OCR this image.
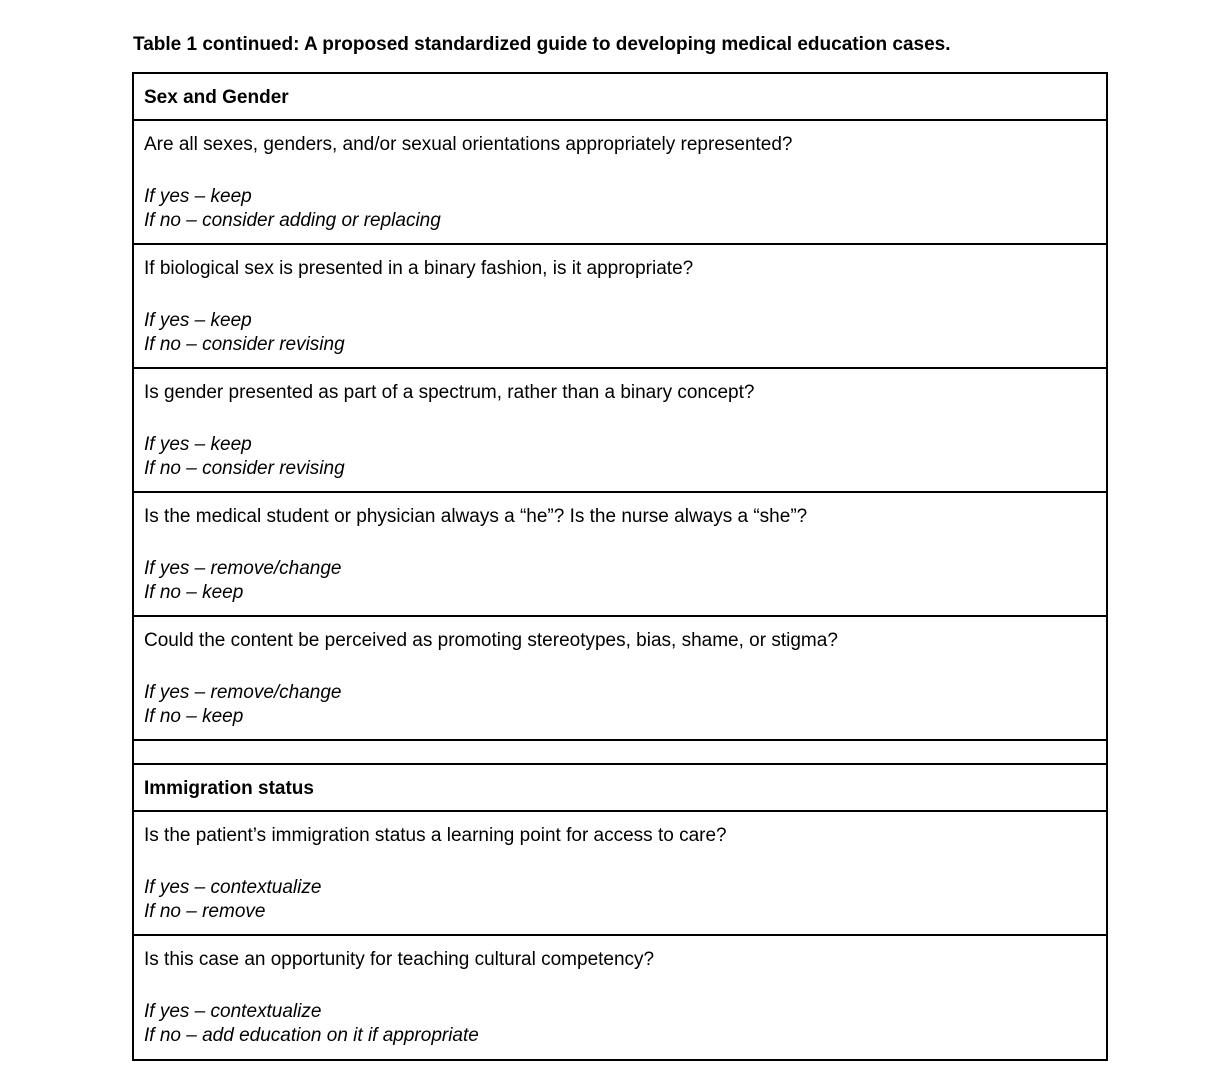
Table 1 continued: A proposed standardized guide to developing medical education cases.
Sex and Gender
Are all sexes, genders, and/or sexual orientations appropriately represented?
If yes – keep
If no – consider adding or replacing
If biological sex is presented in a binary fashion, is it appropriate?
If yes – keep
If no – consider revising
Is gender presented as part of a spectrum, rather than a binary concept?
If yes – keep
If no – consider revising
Is the medical student or physician always a “he”? Is the nurse always a “she”?
If yes – remove/change
If no – keep
Could the content be perceived as promoting stereotypes, bias, shame, or stigma?
If yes – remove/change
If no – keep
Immigration status
Is the patient’s immigration status a learning point for access to care?
If yes – contextualize
If no – remove
Is this case an opportunity for teaching cultural competency?
If yes – contextualize
If no – add education on it if appropriate
